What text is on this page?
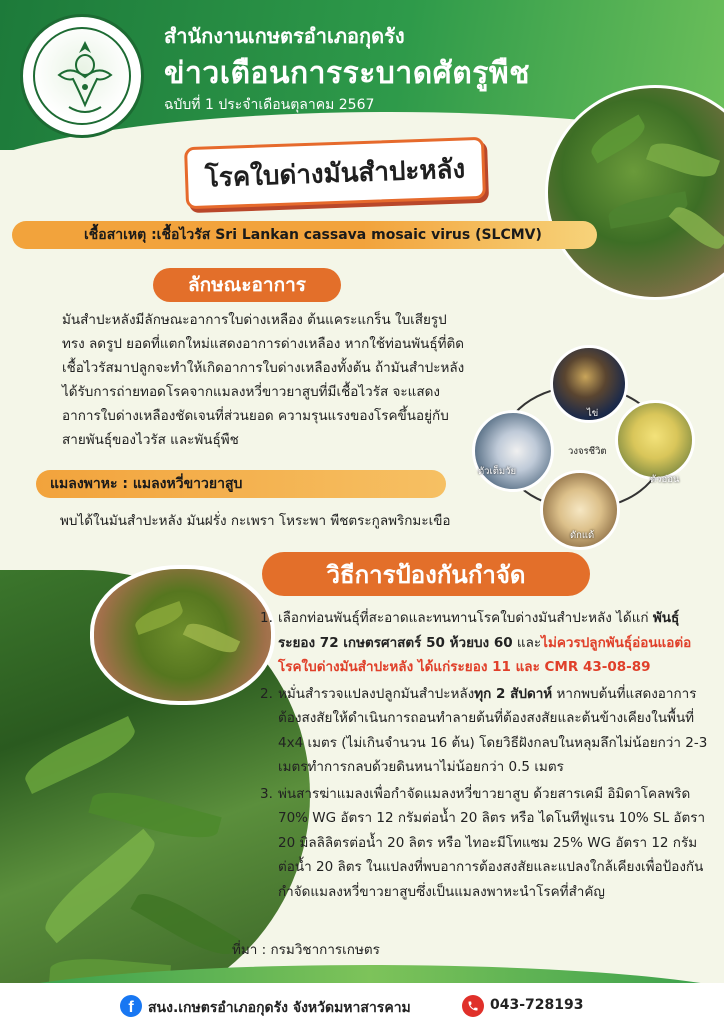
สำนักงานเกษตรอำเภอกุดรัง
ข่าวเตือนการระบาดศัตรูพืช
ฉบับที่ 1 ประจำเดือนตุลาคม 2567
โรคใบด่างมันสำปะหลัง
เชื้อสาเหตุ :เชื้อไวรัส Sri Lankan cassava mosaic virus (SLCMV)
ลักษณะอาการ
มันสำปะหลังมีลักษณะอาการใบด่างเหลือง ต้นแคระแกร็น ใบเสียรูปทรง ลดรูป ยอดที่แตกใหม่แสดงอาการด่างเหลือง หากใช้ท่อนพันธุ์ที่ติดเชื้อไวรัสมาปลูกจะทำให้เกิดอาการใบด่างเหลืองทั้งต้น ถ้ามันสำปะหลังได้รับการถ่ายทอดโรคจากแมลงหวี่ขาวยาสูบที่มีเชื้อไวรัส จะแสดงอาการใบด่างเหลืองชัดเจนที่ส่วนยอด ความรุนแรงของโรคขึ้นอยู่กับสายพันธุ์ของไวรัส และพันธุ์พืช
ไข่
วงจรชีวิต
ตัวเต็มวัย
ตัวอ่อน
ดักแด้
แมลงพาหะ : แมลงหวี่ขาวยาสูบ
พบได้ในมันสำปะหลัง มันฝรั่ง กะเพรา โหระพา พืชตระกูลพริกมะเขือ
วิธีการป้องกันกำจัด
1. เลือกท่อนพันธุ์ที่สะอาดและทนทานโรคใบด่างมันสำปะหลัง ได้แก่ พันธุ์ระยอง 72 เกษตรศาสตร์ 50 ห้วยบง 60 และไม่ควรปลูกพันธุ์อ่อนแอต่อโรคใบด่างมันสำปะหลัง ได้แก่ระยอง 11 และ CMR 43-08-89
2. หมั่นสำรวจแปลงปลูกมันสำปะหลังทุก 2 สัปดาห์ หากพบต้นที่แสดงอาการต้องสงสัยให้ดำเนินการถอนทำลายต้นที่ต้องสงสัยและต้นข้างเคียงในพื้นที่ 4x4 เมตร (ไม่เกินจำนวน 16 ต้น) โดยวิธีฝังกลบในหลุมลึกไม่น้อยกว่า 2-3 เมตรทำการกลบด้วยดินหนาไม่น้อยกว่า 0.5 เมตร
3. พ่นสารฆ่าแมลงเพื่อกำจัดแมลงหวี่ขาวยาสูบ ด้วยสารเคมี อิมิดาโคลพริด 70% WG อัตรา 12 กรัมต่อน้ำ 20 ลิตร หรือ ไดโนทีฟูแรน 10% SL อัตรา 20 มิลลิลิตรต่อน้ำ 20 ลิตร หรือ ไทอะมีโทแซม 25% WG อัตรา 12 กรัมต่อน้ำ 20 ลิตร ในแปลงที่พบอาการต้องสงสัยและแปลงใกล้เคียงเพื่อป้องกันกำจัดแมลงหวี่ขาวยาสูบซึ่งเป็นแมลงพาหะนำโรคที่สำคัญ
ที่มา : กรมวิชาการเกษตร
f	สนง.เกษตรอำเภอกุดรัง จังหวัดมหาสารคาม	043-728193
